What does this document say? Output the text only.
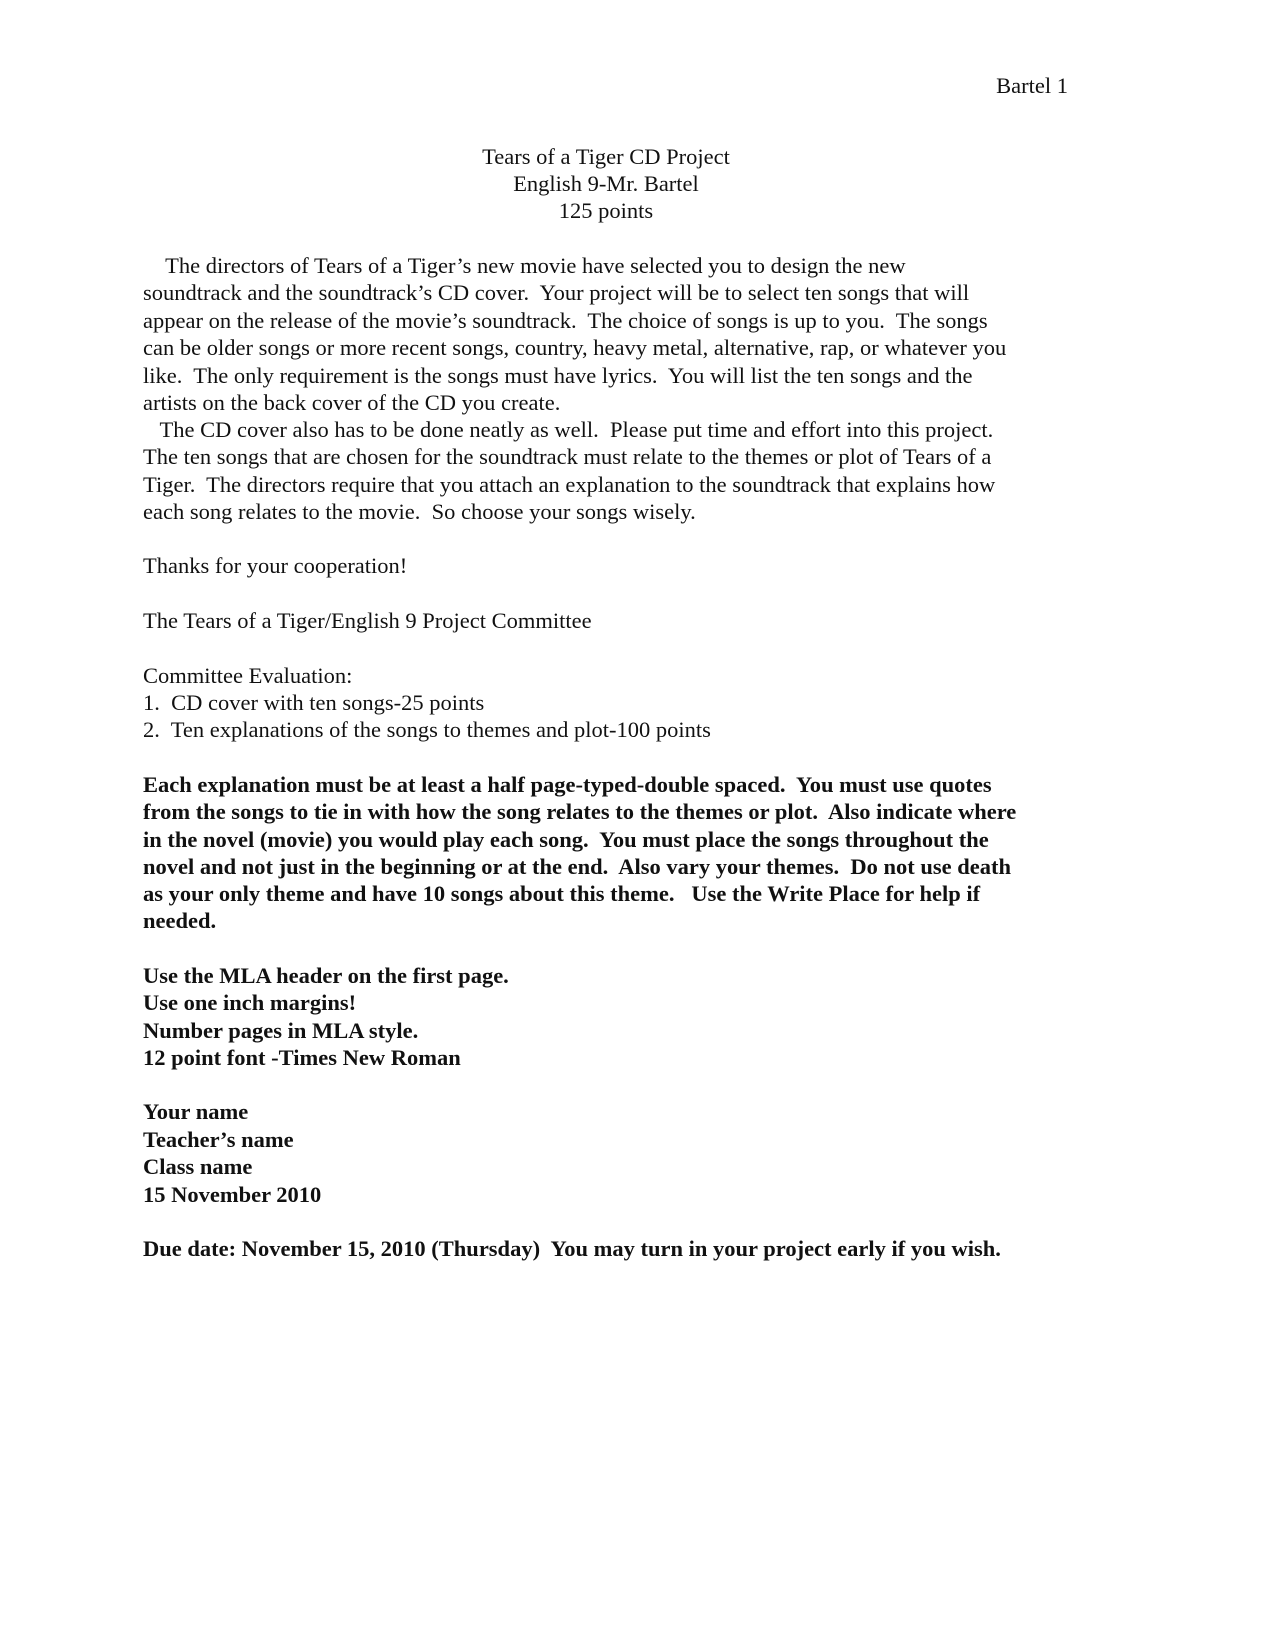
Bartel 1
Tears of a Tiger CD Project
English 9-Mr. Bartel
125 points
The directors of Tears of a Tiger’s new movie have selected you to design the new
soundtrack and the soundtrack’s CD cover.  Your project will be to select ten songs that will
appear on the release of the movie’s soundtrack.  The choice of songs is up to you.  The songs
can be older songs or more recent songs, country, heavy metal, alternative, rap, or whatever you
like.  The only requirement is the songs must have lyrics.  You will list the ten songs and the
artists on the back cover of the CD you create.
The CD cover also has to be done neatly as well.  Please put time and effort into this project.
The ten songs that are chosen for the soundtrack must relate to the themes or plot of Tears of a
Tiger.  The directors require that you attach an explanation to the soundtrack that explains how
each song relates to the movie.  So choose your songs wisely.
Thanks for your cooperation!
The Tears of a Tiger/English 9 Project Committee
Committee Evaluation:
1.  CD cover with ten songs-25 points
2.  Ten explanations of the songs to themes and plot-100 points
Each explanation must be at least a half page-typed-double spaced.  You must use quotes
from the songs to tie in with how the song relates to the themes or plot.  Also indicate where
in the novel (movie) you would play each song.  You must place the songs throughout the
novel and not just in the beginning or at the end.  Also vary your themes.  Do not use death
as your only theme and have 10 songs about this theme.   Use the Write Place for help if
needed.
Use the MLA header on the first page.
Use one inch margins!
Number pages in MLA style.
12 point font -Times New Roman
Your name
Teacher’s name
Class name
15 November 2010
Due date: November 15, 2010 (Thursday)  You may turn in your project early if you wish.
